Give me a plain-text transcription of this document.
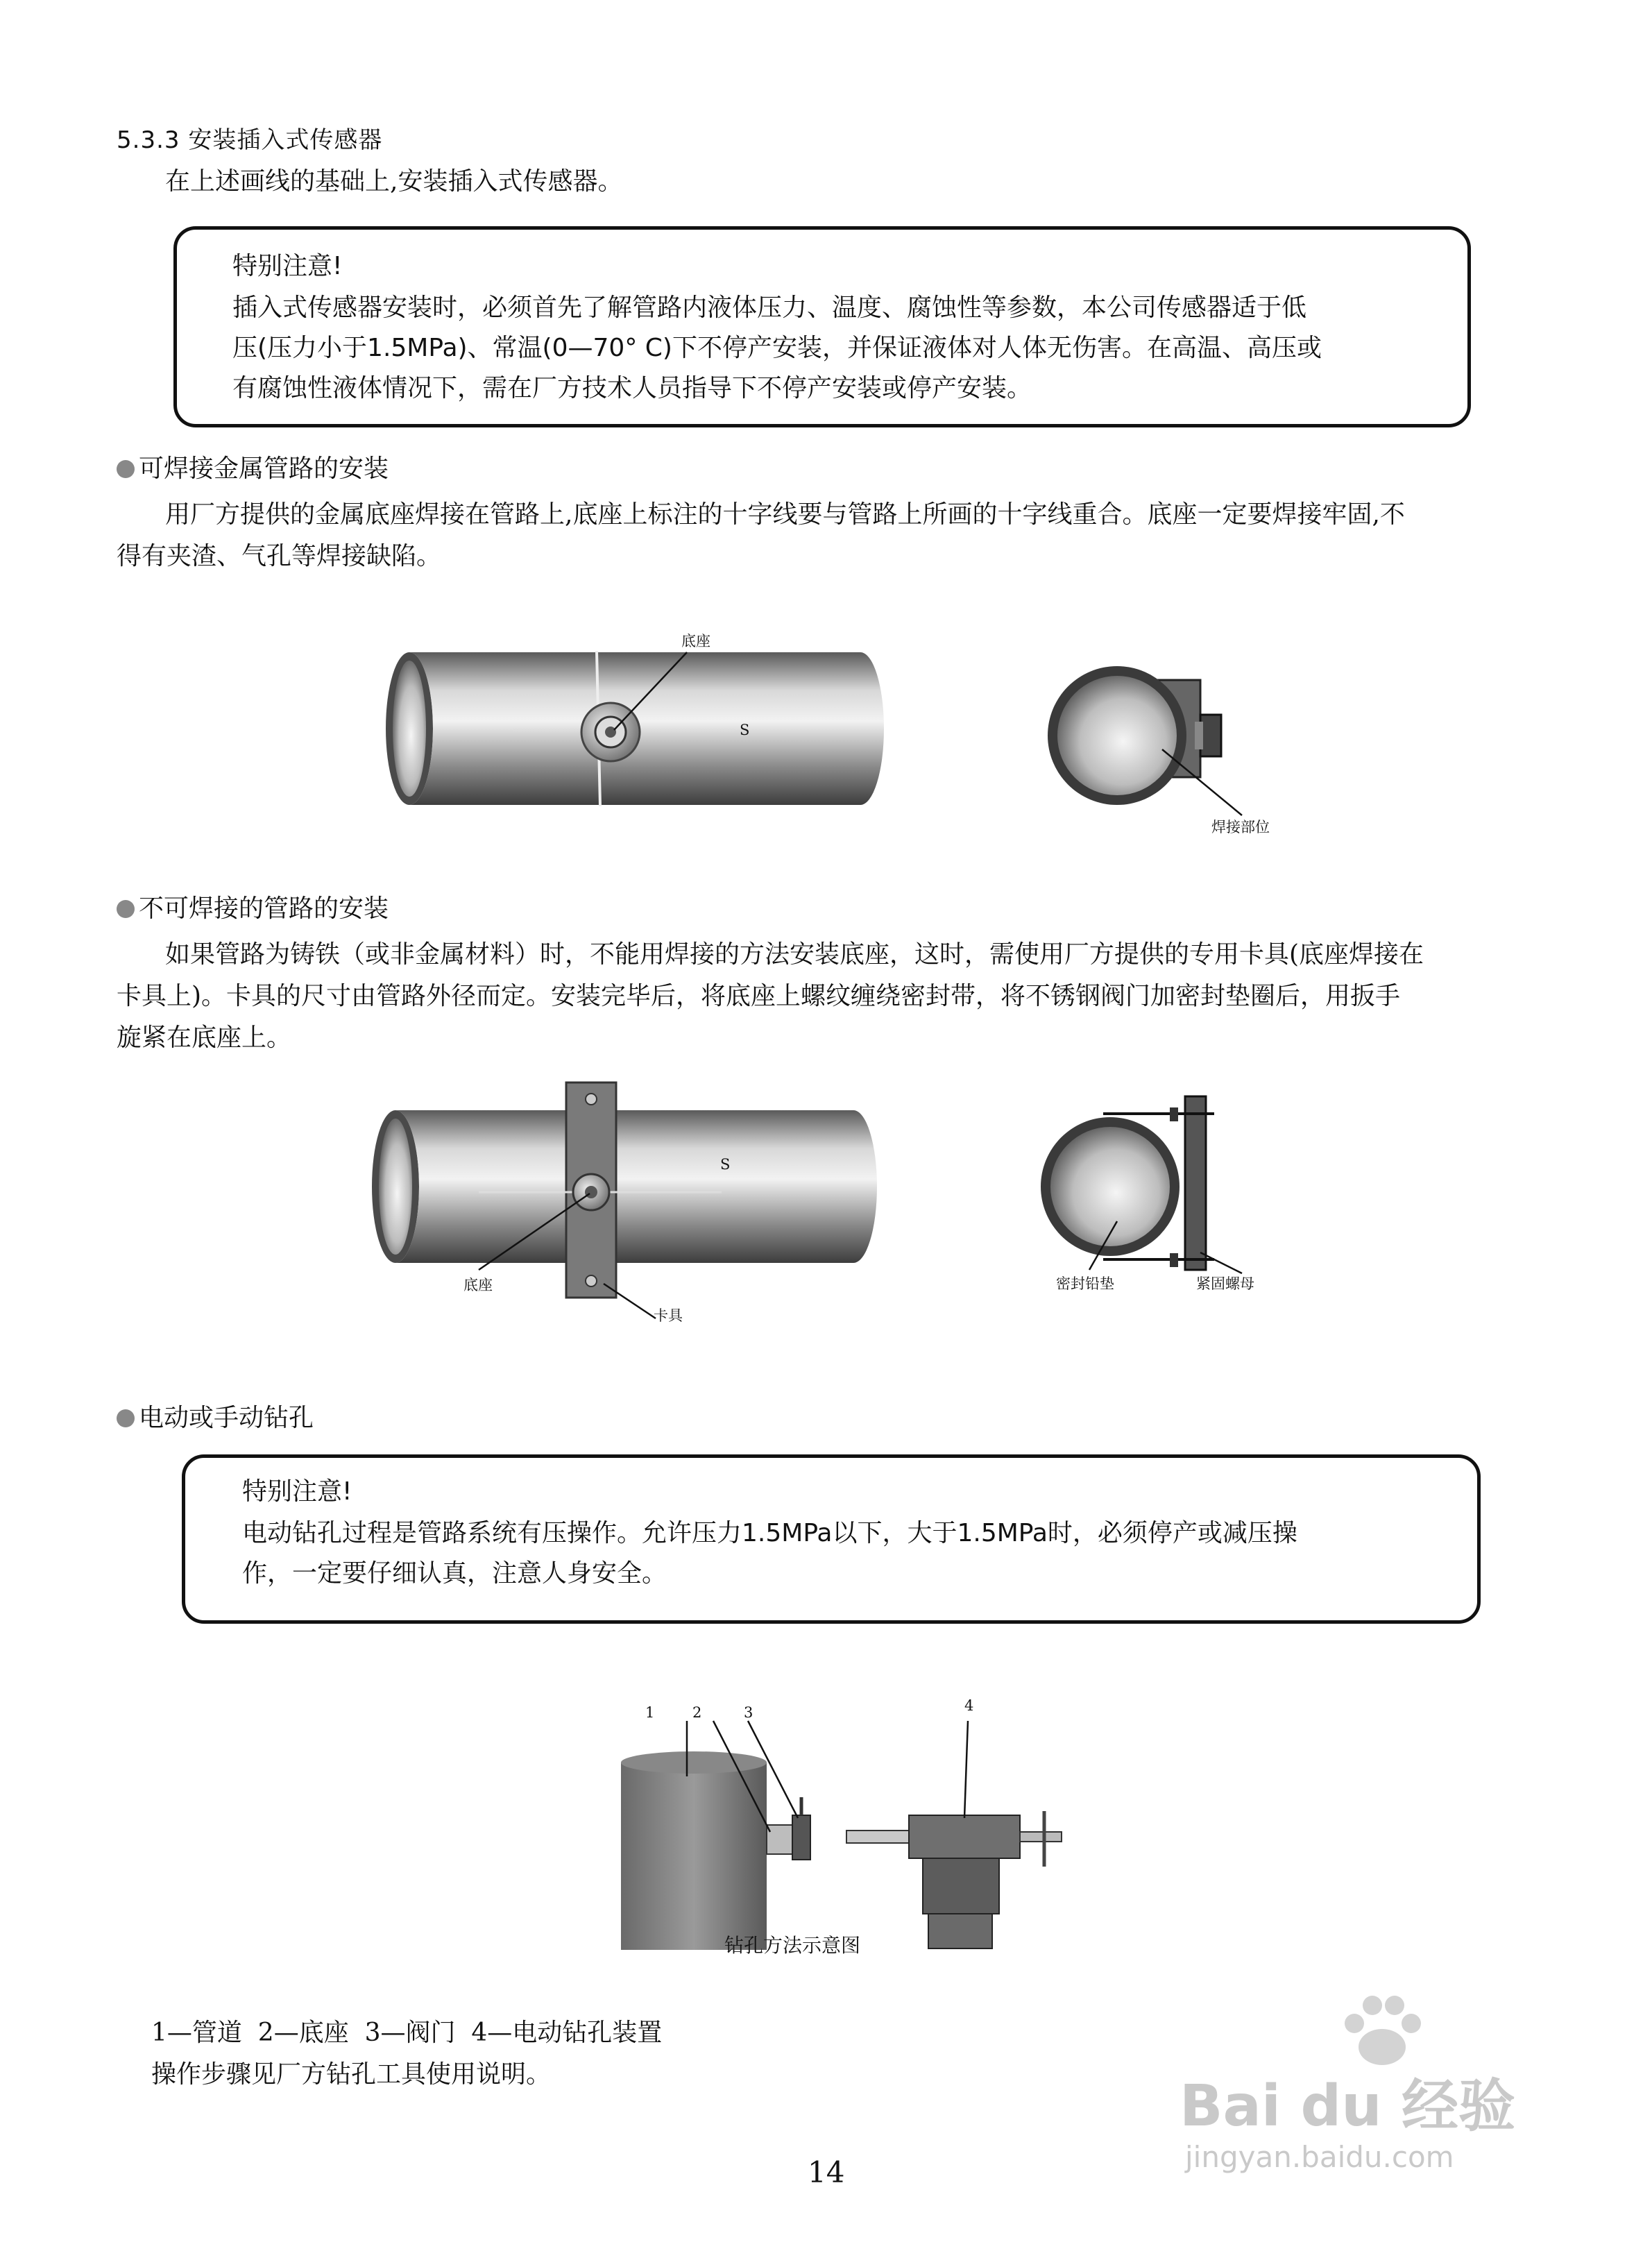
5.3.3 安装插入式传感器
在上述画线的基础上,安装插入式传感器。
特别注意!
插入式传感器安装时，必须首先了解管路内液体压力、温度、腐蚀性等参数，本公司传感器适于低
压(压力小于1.5MPa)、常温(0—70° C)下不停产安装，并保证液体对人体无伤害。在高温、高压或
有腐蚀性液体情况下，需在厂方技术人员指导下不停产安装或停产安装。
可焊接金属管路的安装
用厂方提供的金属底座焊接在管路上,底座上标注的十字线要与管路上所画的十字线重合。底座一定要焊接牢固,不
得有夹渣、气孔等焊接缺陷。
底座
S
焊接部位
不可焊接的管路的安装
如果管路为铸铁（或非金属材料）时，不能用焊接的方法安装底座，这时，需使用厂方提供的专用卡具(底座焊接在
卡具上)。卡具的尺寸由管路外径而定。安装完毕后，将底座上螺纹缠绕密封带，将不锈钢阀门加密封垫圈后，用扳手
旋紧在底座上。
S
底座
卡具
密封铅垫	紧固螺母
电动或手动钻孔
特别注意!
电动钻孔过程是管路系统有压操作。允许压力1.5MPa以下，大于1.5MPa时，必须停产或减压操
作，一定要仔细认真，注意人身安全。
1	2	3	4
钻孔方法示意图
1—管道  2—底座  3—阀门  4—电动钻孔装置
操作步骤见厂方钻孔工具使用说明。
14
Bai du 经验
jingyan.baidu.com
